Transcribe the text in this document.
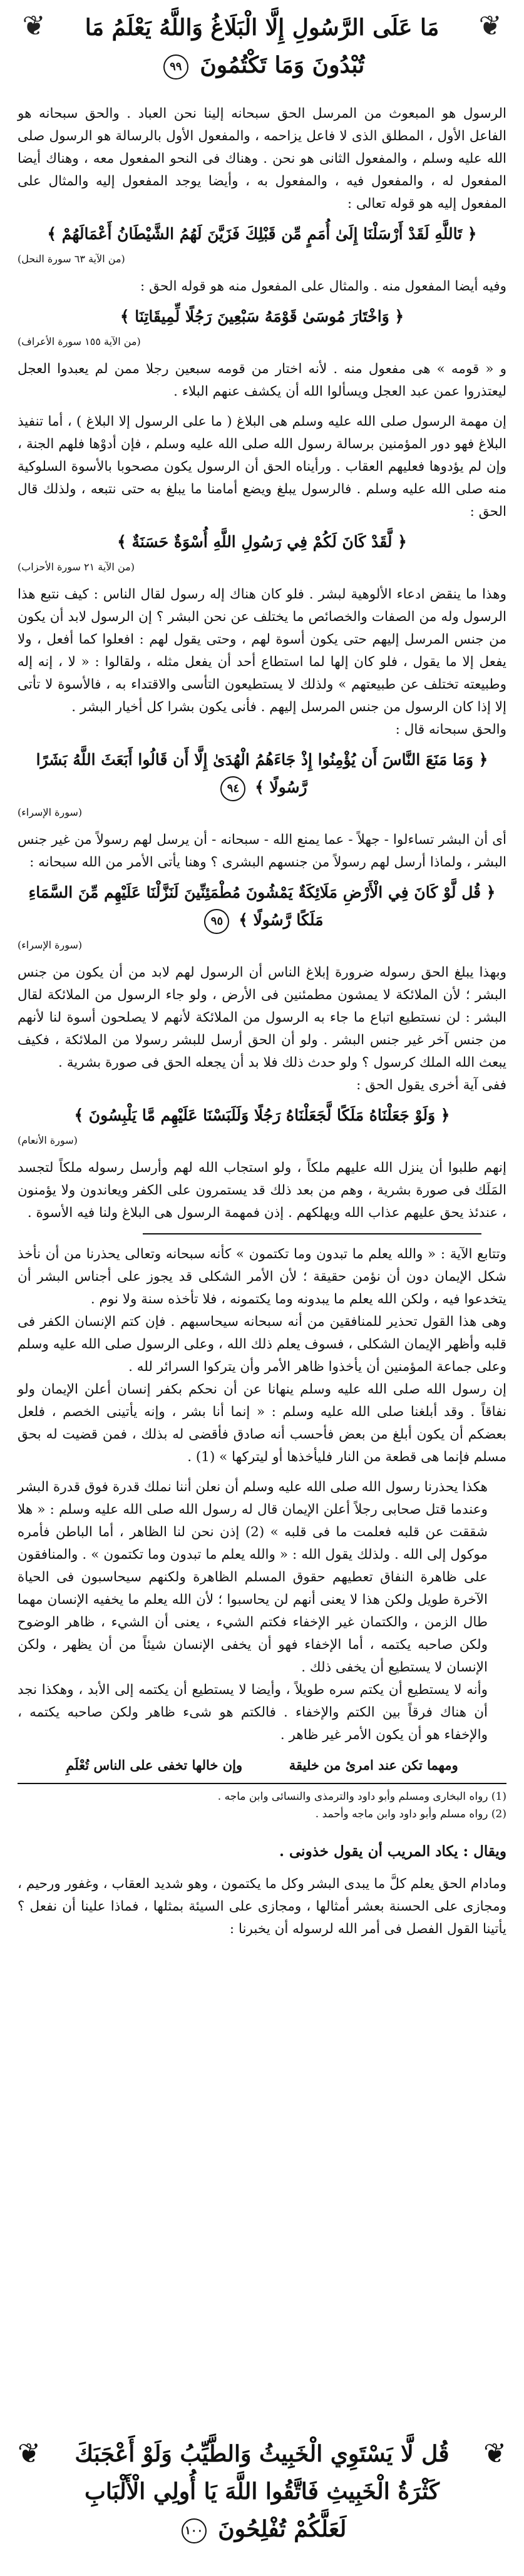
❦
❦	مَا عَلَى الرَّسُولِ إِلَّا الْبَلَاغُ وَاللَّهُ يَعْلَمُ مَا تُبْدُونَ وَمَا تَكْتُمُونَ ٩٩

الرسول هو المبعوث من المرسل الحق سبحانه إلينا نحن العباد . والحق سبحانه هو الفاعل الأول ، المطلق الذى لا فاعل يزاحمه ، والمفعول الأول بالرسالة هو الرسول صلى الله عليه وسلم ، والمفعول الثانى هو نحن . وهناك فى النحو المفعول معه ، وهناك أيضا المفعول له ، والمفعول فيه ، والمفعول به ، وأيضا يوجد المفعول إليه والمثال على المفعول إليه هو قوله تعالى :

﴿ تَاللَّهِ لَقَدْ أَرْسَلْنَا إِلَىٰ أُمَمٍ مِّن قَبْلِكَ فَزَيَّنَ لَهُمُ الشَّيْطَانُ أَعْمَالَهُمْ ﴾
(من الآية ٦٣ سورة النحل)

وفيه أيضا المفعول منه . والمثال على المفعول منه هو قوله الحق :

﴿ وَاخْتَارَ مُوسَىٰ قَوْمَهُ سَبْعِينَ رَجُلًا لِّمِيقَاتِنَا ﴾
(من الآية ١٥٥ سورة الأعراف)

و « قومه » هى مفعول منه . لأنه اختار من قومه سبعين رجلا ممن لم يعبدوا العجل ليعتذروا عمن عبد العجل ويسألوا الله أن يكشف عنهم البلاء .

إن مهمة الرسول صلى الله عليه وسلم هى البلاغ ( ما على الرسول إلا البلاغ ) ، أما تنفيذ البلاغ فهو دور المؤمنين برسالة رسول الله صلى الله عليه وسلم ، فإن أدوْها فلهم الجنة ، وإن لم يؤدوها فعليهم العقاب . ورأيناه الحق أن الرسول يكون مصحوبا بالأسوة السلوكية منه صلى الله عليه وسلم . فالرسول يبلغ ويضع أمامنا ما يبلغ به حتى نتبعه ، ولذلك قال الحق :

﴿ لَّقَدْ كَانَ لَكُمْ فِي رَسُولِ اللَّهِ أُسْوَةٌ حَسَنَةٌ ﴾
(من الآية ٢١ سورة الأحزاب)

وهذا ما ينقض ادعاء الألوهية لبشر . فلو كان هناك إله رسول لقال الناس : كيف نتبع هذا الرسول وله من الصفات والخصائص ما يختلف عن نحن البشر ؟ إن الرسول لابد أن يكون من جنس المرسل إليهم حتى يكون أسوة لهم ، وحتى يقول لهم : افعلوا كما أفعل ، ولا يفعل إلا ما يقول ، فلو كان إلها لما استطاع أحد أن يفعل مثله ، ولقالوا : « لا ، إنه إله وطبيعته تختلف عن طبيعتهم » ولذلك لا يستطيعون التأسى والاقتداء به ، فالأسوة لا تأتى إلا إذا كان الرسول من جنس المرسل إليهم . فأنى يكون بشرا كل أخيار البشر .

والحق سبحانه قال :

﴿ وَمَا مَنَعَ النَّاسَ أَن يُؤْمِنُوا إِذْ جَاءَهُمُ الْهُدَىٰ إِلَّا أَن قَالُوا أَبَعَثَ اللَّهُ بَشَرًا رَّسُولًا ﴾ ٩٤
(سورة الإسراء)

أى أن البشر تساءلوا - جهلاً - عما يمنع الله - سبحانه - أن يرسل لهم رسولاً من غير جنس البشر ، ولماذا أرسل لهم رسولاً من جنسهم البشرى ؟ وهنا يأتى الأمر من الله سبحانه :

﴿ قُل لَّوْ كَانَ فِي الْأَرْضِ مَلَائِكَةٌ يَمْشُونَ مُطْمَئِنِّينَ لَنَزَّلْنَا عَلَيْهِم مِّنَ السَّمَاءِ مَلَكًا رَّسُولًا ﴾ ٩٥
(سورة الإسراء)

وبهذا يبلغ الحق رسوله ضرورة إبلاغ الناس أن الرسول لهم لابد من أن يكون من جنس البشر ؛ لأن الملائكة لا يمشون مطمئنين فى الأرض ، ولو جاء الرسول من الملائكة لقال البشر : لن نستطيع اتباع ما جاء به الرسول من الملائكة لأنهم لا يصلحون أسوة لنا لأنهم من جنس آخر غير جنس البشر . ولو أن الحق أرسل للبشر رسولا من الملائكة ، فكيف يبعث الله الملك كرسول ؟ ولو حدث ذلك فلا بد أن يجعله الحق فى صورة بشرية .

ففى آية أخرى يقول الحق :

﴿ وَلَوْ جَعَلْنَاهُ مَلَكًا لَّجَعَلْنَاهُ رَجُلًا وَلَلَبَسْنَا عَلَيْهِم مَّا يَلْبِسُونَ ﴾
(سورة الأنعام)

إنهم طلبوا أن ينزل الله عليهم ملكاً ، ولو استجاب الله لهم وأرسل رسوله ملكاً لتجسد المَلَك فى صورة بشرية ، وهم من بعد ذلك قد يستمرون على الكفر ويعاندون ولا يؤمنون ، عندئذ يحق عليهم عذاب الله ويهلكهم . إذن فمهمة الرسول هى البلاغ ولنا فيه الأسوة .

وتتابع الآية : « والله يعلم ما تبدون وما تكتمون » كأنه سبحانه وتعالى يحذرنا من أن نأخذ شكل الإيمان دون أن نؤمن حقيقة ؛ لأن الأمر الشكلى قد يجوز على أجناس البشر أن يتخدعوا فيه ، ولكن الله يعلم ما يبدونه وما يكتمونه ، فلا تأخذه سنة ولا نوم .

وهى هذا القول تحذير للمنافقين من أنه سبحانه سيحاسبهم . فإن كتم الإنسان الكفر فى قلبه وأظهر الإيمان الشكلى ، فسوف يعلم ذلك الله ، وعلى الرسول صلى الله عليه وسلم وعلى جماعة المؤمنين أن يأخذوا ظاهر الأمر وأن يتركوا السرائر لله .

إن رسول الله صلى الله عليه وسلم ينهانا عن أن نحكم بكفر إنسان أعلن الإيمان ولو نفاقاً . وقد أبلغنا صلى الله عليه وسلم : « إنما أنا بشر ، وإنه يأتينى الخصم ، فلعل بعضكم أن يكون أبلغ من بعض فأحسب أنه صادق فأقضى له بذلك ، فمن قضيت له بحق مسلم فإنما هى قطعة من النار فليأخذها أو ليتركها » (1) .

هكذا يحذرنا رسول الله صلى الله عليه وسلم أن نعلن أننا نملك قدرة فوق قدرة البشر وعندما قتل صحابى رجلاً أعلن الإيمان قال له رسول الله صلى الله عليه وسلم : « هلا شققت عن قلبه فعلمت ما فى قلبه » (2) إذن نحن لنا الظاهر ، أما الباطن فأمره موكول إلى الله . ولذلك يقول الله : « والله يعلم ما تبدون وما تكتمون » . والمنافقون على ظاهرة النفاق تعطيهم حقوق المسلم الظاهرة ولكنهم سيحاسبون فى الحياة الآخرة طويل ولكن هذا لا يعنى أنهم لن يحاسبوا ؛ لأن الله يعلم ما يخفيه الإنسان مهما طال الزمن ، والكتمان غير الإخفاء فكتم الشيء ، يعنى أن الشيء ، ظاهر الوضوح ولكن صاحبه يكتمه ، أما الإخفاء فهو أن يخفى الإنسان شيئاً من أن يظهر ، ولكن الإنسان لا يستطيع أن يخفى ذلك .

وأنه لا يستطيع أن يكتم سره طويلاً ، وأيضا لا يستطيع أن يكتمه إلى الأبد ، وهكذا نجد أن هناك فرقاً بين الكتم والإخفاء . فالكتم هو شىء ظاهر ولكن صاحبه يكتمه ، والإخفاء هو أن يكون الأمر غير ظاهر .

ومهما تكن عند امرئ من خليقة
وإن خالها تخفى على الناس تُعْلَمِ

(1) رواه البخارى ومسلم وأبو داود والترمذى والنسائى وابن ماجه .

(2) رواه مسلم وأبو داود وابن ماجه وأحمد .

ويقال : يكاد المريب أن يقول خذونى .

ومادام الحق يعلم كلَّ ما يبدى البشر وكل ما يكتمون ، وهو شديد العقاب ، وغفور ورحيم ، ومجازى على الحسنة بعشر أمثالها ، ومجازى على السيئة بمثلها ، فماذا علينا أن نفعل ؟ يأتينا القول الفصل فى أمر الله لرسوله أن يخبرنا :

❦
❦	قُل لَّا يَسْتَوِي الْخَبِيثُ وَالطَّيِّبُ وَلَوْ أَعْجَبَكَ كَثْرَةُ الْخَبِيثِ فَاتَّقُوا اللَّهَ يَا أُولِي الْأَلْبَابِ لَعَلَّكُمْ تُفْلِحُونَ ١٠٠
